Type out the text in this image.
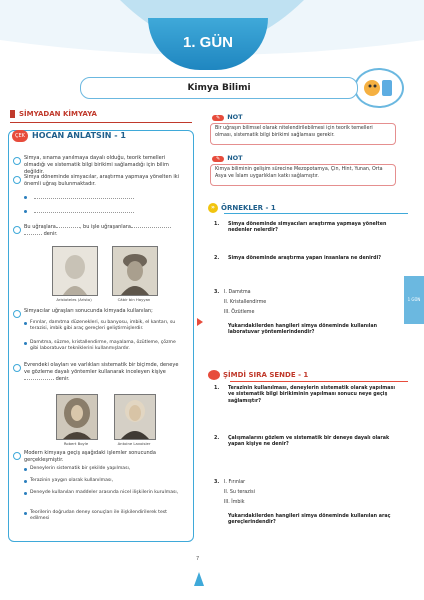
1. GÜN
Kimya Bilimi
SİMYADAN KİMYAYA
ÇEK HOCAN ANLATSIN - 1
Simya, sınama yanılmaya dayalı olduğu, teorik temelleri olmadığı ve sistematik bilgi birikimi sağlamadığı için bilim değildir.
Simya döneminde simyacılar, araştırma yapmaya yönelten iki önemli uğraş bulunmaktadır.
Bu uğraşlara	, bu işle uğraşanlara
denir.
Aristoteles (Aristo)	Câbir bin Hayyan
Simyacılar uğraşları sonucunda kimyada kullanılan;
Fırınlar, damıtma düzenekleri, su banyosu, imbik, el kantarı, su terazisi, imbik gibi araç gereçleri geliştirmişlerdir.
Damıtma, süzme, kristallendirme, mayalama, özütleme, çözme gibi laboratuvar tekniklerini kullanmışlardır.
Evrendeki olayları ve varlıkları sistematik bir biçimde, deneye ve gözleme dayalı yöntemler kullanarak inceleyen kişiye
denir.
Robert Boyle	Antoine Lavoisier
Modern kimyaya geçiş aşağıdaki işlemler sonucunda gerçekleşmiştir.
Deneylerin sistematik bir şekilde yapılması,
Terazinin yaygın olarak kullanılması,
Deneyde kullanılan maddeler arasında nicel ilişkilerin kurulması,
Teorilerin doğrudan deney sonuçları ile ilişkilendirilerek test edilmesi
✎ NOT
Bir uğraşın bilimsel olarak nitelendirilebilmesi için teorik temelleri olması, sistematik bilgi birikimi sağlaması gerekir.
✎ NOT
Kimya biliminin gelişim sürecine Mezopotamya, Çin, Hint, Yunan, Orta Asya ve İslam uygarlıkları katkı sağlamıştır.
» ÖRNEKLER - 1
1. Simya döneminde simyacıları araştırma yapmaya yönelten nedenler nelerdir?
2. Simya döneminde araştırma yapan insanlara ne denirdi?
3. I. Damıtma
II. Kristallendirme
III. Özütleme
Yukarıdakilerden hangileri simya döneminde kullanılan laboratuvar yöntemlerindendir?
ŞİMDİ SIRA SENDE - 1
1. Terazinin kullanılması, deneylerin sistematik olarak yapılması ve sistematik bilgi birikiminin yapılması sonucu neye geçiş sağlamıştır?
2. Çalışmalarını gözlem ve sistematik bir deneye dayalı olarak yapan kişiye ne denir?
3. I. Fırınlar
II. Su terazisi
III. İmbik
Yukarıdakilerden hangileri simya döneminde kullanılan araç gereçlerindendir?
1 GÜN
7
